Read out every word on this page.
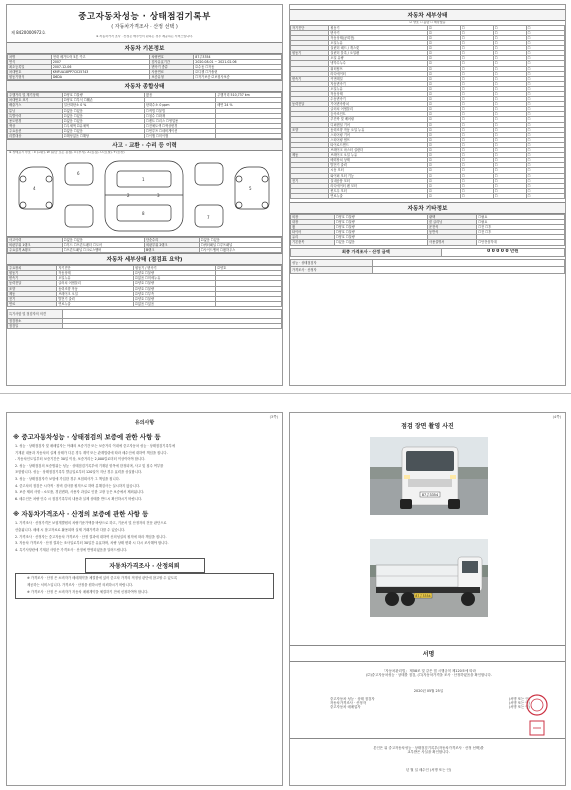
제 8420000972호
중고자동차성능 · 상태점검기록부
( 자동차가격조사 · 산정 선택 )
※ 자동차가격 조사 · 산정은 매수인이 원하는 경우 제공하는 서비스입니다.
자동차 기본정보
차명	현대 메가트럭 5톤 카고	차량번호	87주3354
연식	2007	검사유효기간	2020.08.01 ~ 2021.02.06
최초등록일	2007-12-06	변속기 종류	☑수동 ☐자동
차대번호	KMFUA18PP7C025743	사용연료	☑디젤 ☐가솔린
원동기형식	D6DA	보증유형	☐자가보증 ☑보험사보증
자동차 종합상태
주행거리 및 계기상태	☑양호 ☐불량	많음	주행거리 510,737 km
차대번호 표기	☑양호 ☐부식 ☐훼손		
배출가스	일산화탄소 0 %	탄화수소 0 ppm	매연 24 %
튜닝	☑없음 ☐있음	☐적법 ☐불법	
특별이력	☑없음 ☐있음	☐침수 ☐화재	
용도변경	☑없음 ☐있음	☐렌트 ☐리스 ☐영업용	
색상	☐무채색 ☑유채색	☐전체도색 ☐색상변경	
주요옵션	☑없음 ☐있음	☐썬루프 ☐네비게이션	
리콜대상	☑해당없음 ☐해당	☐이행 ☐미이행	
사고 · 교환 · 수리 등 이력
※ 상태표시 부호 : X (교환), W (판금 또는 용접), C (부식), A (흠집), U (요철), T (손상)
1
8
2	3
4	5
6
7
사고이력	☑없음 ☐있음	단순수리	☑없음 ☐있음
외판부위 1랭크	☐후드 ☐프론트펜더 ☐도어	외판부위 2랭크	☐쿼터패널 ☐루프패널
주요골격 A랭크	☐프론트패널 ☐크로스멤버	B랭크	☐사이드멤버 ☐휠하우스
자동차 세부상태 (점검표 요약)
주요장치	자기진단	원동기 / 변속기	☑양호
원동기	작동상태	☑양호 ☐불량	
변속기	오일누유	☑없음 ☐미세누유	
동력전달	클러치 어셈블리	☑양호 ☐불량	
조향	동력조향 작동	☑양호 ☐불량	
제동	브레이크 오일	☑양호 ☐부족	
전기	발전기 출력	☑양호 ☐불량	
연료	연료누출	☑없음 ☐있음	
특기사항 및 점검자의 의견	
점검장소	
점검일	
자동차 세부상태
☑ 양호 ☐ 불량 ☐ 해당없음
자기진단	원동기	☑	☐	☐	☐
	변속기	☑	☐	☐	☐
	작동상태(공회전)	☑	☐	☐	☐
	오일누유	☑	☐	☐	☐
	실린더 헤드 / 개스킷	☑	☐	☐	☐
원동기	실린더 블록 / 오일팬	☑	☐	☐	☐
	오일 유량	☑	☐	☐	☐
	냉각수누수	☑	☐	☐	☐
	워터펌프	☑	☐	☐	☐
	라디에이터	☑	☐	☐	☐
변속기	커먼레일	☑	☐	☐	☐
	자동변속기	☑	☐	☐	☐
	오일누유	☑	☐	☐	☐
	작동상태	☑	☐	☐	☐
	수동변속기	☑	☐	☐	☐
동력전달	기어변속장치	☑	☐	☐	☐
	클러치 어셈블리	☑	☐	☐	☐
	등속조인트	☑	☐	☐	☐
	추진축 및 베어링	☑	☐	☐	☐
	디퍼렌셜 기어	☑	☐	☐	☐
조향	동력조향 작동 오일 누유	☑	☐	☐	☐
	스티어링 기어	☑	☐	☐	☐
	스티어링 펌프	☑	☐	☐	☐
	타이로드엔드	☑	☐	☐	☐
	브레이크 마스터 실린더	☑	☐	☐	☐
제동	브레이크 오일 누유	☑	☐	☐	☐
	배력장치 상태	☑	☐	☐	☐
	발전기 출력	☑	☐	☐	☐
	시동 모터	☑	☐	☐	☐
	와이퍼 모터 기능	☑	☐	☐	☐
전기	실내송풍 모터	☑	☐	☐	☐
	라디에이터 팬 모터	☑	☐	☐	☐
	윈도우 모터	☑	☐	☐	☐
	연료누출	☑	☐	☐	☐
자동차 기타정보
외장	☐양호 ☐불량	광택	☐필요
내장	☐양호 ☐불량	룸 클리닝	☐필요
휠	☐양호 ☐불량	운전석	☐전 ☐후
타이어	☐양호 ☐불량	동반석	☐전 ☐후
유리	☐양호 ☐불량		
기본품목	☐있음 ☐없음	사용설명서	☐안전삼각대
최종 가격조사 · 산정 금액	0 0 0 0 0 만원
성능 · 상태점검자	
가격조사 · 산정자	
(3쪽)
유의사항
※ 중고자동차성능 · 상태점검의 보증에 관한 사항 등
1. 성능 · 상태점검자 및 매매업자는 아래의 보증기간 또는 보증거리 이내에 중고자동차 성능 · 상태점검기록부에
기재된 내용과 자동차의 실제 상태가 다른 경우 계약 또는 관계법령에 따라 매수인에 대하여 책임을 집니다.
- 자동차인도일부터 보증기간은 30일 이상, 보증거리는 2,000킬로미터 이상이어야 합니다.
2. 성능 · 상태점검의 보증범위는 성능 · 상태점검기록부에 기재된 항목에 한정되며, 사고 및 침수 여부를
포함합니다. 성능 · 상태점검기록부 발급일로부터 120일이 지난 경우 효력을 상실합니다.
3. 성능 · 상태점검자가 보험에 가입한 경우 보험회사가 그 책임을 집니다.
4. 중고차의 점검은 시각적 · 장비 검사를 원칙으로 하며 분해검사는 실시하지 않습니다.
5. 보증 제외 사항 : 소모품, 경년변화, 사용자 과실로 인한 고장 등은 보증에서 제외됩니다.
6. 매수인은 차량 인수 시 점검기록부의 내용과 실제 상태를 반드시 확인하시기 바랍니다.
※ 자동차가격조사 · 산정의 보증에 관한 사항 등
1. 가격조사 · 산정가격은 보험개발원의 차량기준가액을 바탕으로 하고, 기준서 및 산정자의 전문 판단으로
산출됩니다. 매매 시 참고자료로 활용되며 실제 거래가격과 다를 수 있습니다.
2. 가격조사 · 산정자는 중고자동차 가격조사 · 산정 결과에 대하여 신의성실의 원칙에 따라 책임을 집니다.
3. 자동차 가격조사 · 산정 결과는 조사일로부터 30일간 유효하며, 차량 상태 변화 시 다시 조사해야 합니다.
4. 특기사항란에 기재된 사항은 가격조사 · 산정에 반영되었음을 알려드립니다.
자동차가격조사 · 산정의뢰
※ 가격조사 · 산정 은 소비자가 매매계약을 체결함에 있어 중고차 가격의 적정성 판단에 참고할 수 있도록
제공하는 서비스입니다. 가격조사 · 산정을 원하시면 의뢰하시기 바랍니다.
※ 가격조사 · 산정 은 소비자가 자동차 매매계약을 체결하기 전에 신청하여야 합니다.
(4쪽)
점검 장면 촬영 사진
87주3354
87주3354
서명
「자동차관리법」 제58조 및 같은 법 시행규칙 제120조에 따라
(☑)중고자동차성능 · 상태를 점검, (☐)자동차가격을 조사 · 산정하였음을 확인합니다.
2020년 05월 25일
중고자동차 성능 · 상태 점검자	(서명 또는 인)
자동차가격조사 · 산정자	(서명 또는 인)
중고자동차 매매업자	(서명 또는 인)
본인은 위 중고자동차성능 · 상태점검기록부(자동차가격조사 · 산정 선택)를
교부받은 사실을 확인합니다.
년 월 일 매수인 (서명 또는 인)
